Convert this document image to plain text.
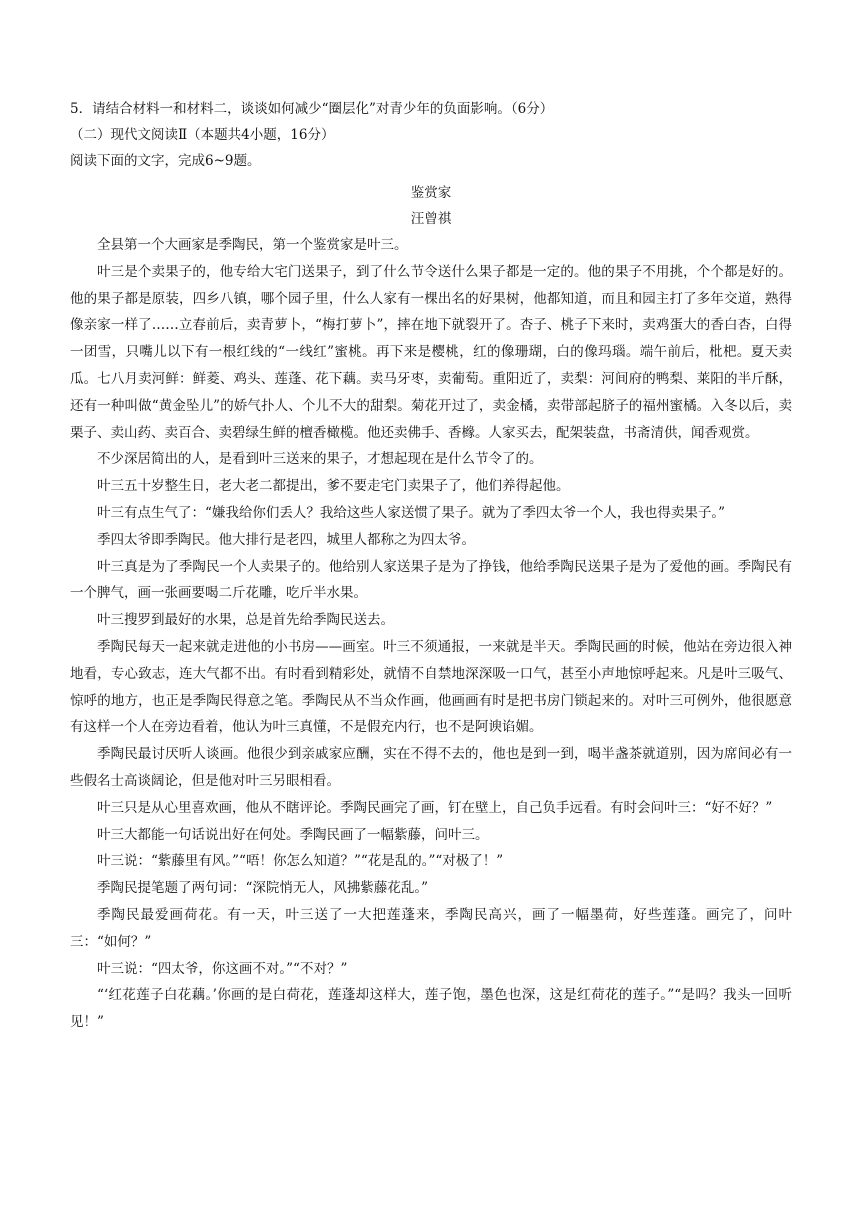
5．请结合材料一和材料二，谈谈如何减少“圈层化”对青少年的负面影响。（6分）

（二）现代文阅读Ⅱ（本题共4小题，16分）

阅读下面的文字，完成6~9题。

鉴赏家

汪曾祺

全县第一个大画家是季陶民，第一个鉴赏家是叶三。

叶三是个卖果子的，他专给大宅门送果子，到了什么节令送什么果子都是一定的。他的果子不用挑，个个都是好的。他的果子都是原装，四乡八镇，哪个园子里，什么人家有一棵出名的好果树，他都知道，而且和园主打了多年交道，熟得像亲家一样了……立春前后，卖青萝卜，“梅打萝卜”，摔在地下就裂开了。杏子、桃子下来时，卖鸡蛋大的香白杏，白得一团雪，只嘴儿以下有一根红线的“一线红”蜜桃。再下来是樱桃，红的像珊瑚，白的像玛瑙。端午前后，枇杷。夏天卖瓜。七八月卖河鲜：鲜菱、鸡头、莲蓬、花下藕。卖马牙枣，卖葡萄。重阳近了，卖梨：河间府的鸭梨、莱阳的半斤酥，还有一种叫做“黄金坠儿”的娇气扑人、个儿不大的甜梨。菊花开过了，卖金橘，卖带部起脐子的福州蜜橘。入冬以后，卖栗子、卖山药、卖百合、卖碧绿生鲜的檀香橄榄。他还卖佛手、香橼。人家买去，配架装盘，书斋清供，闻香观赏。

不少深居简出的人，是看到叶三送来的果子，才想起现在是什么节令了的。

叶三五十岁整生日，老大老二都提出，爹不要走宅门卖果子了，他们养得起他。

叶三有点生气了：“嫌我给你们丢人？我给这些人家送惯了果子。就为了季四太爷一个人，我也得卖果子。”

季四太爷即季陶民。他大排行是老四，城里人都称之为四太爷。

叶三真是为了季陶民一个人卖果子的。他给别人家送果子是为了挣钱，他给季陶民送果子是为了爱他的画。季陶民有一个脾气，画一张画要喝二斤花雕，吃斤半水果。

叶三搜罗到最好的水果，总是首先给季陶民送去。

季陶民每天一起来就走进他的小书房——画室。叶三不须通报，一来就是半天。季陶民画的时候，他站在旁边很入神地看，专心致志，连大气都不出。有时看到精彩处，就情不自禁地深深吸一口气，甚至小声地惊呼起来。凡是叶三吸气、惊呼的地方，也正是季陶民得意之笔。季陶民从不当众作画，他画画有时是把书房门锁起来的。对叶三可例外，他很愿意有这样一个人在旁边看着，他认为叶三真懂，不是假充内行，也不是阿谀谄媚。

季陶民最讨厌听人谈画。他很少到亲戚家应酬，实在不得不去的，他也是到一到，喝半盏茶就道别，因为席间必有一些假名士高谈阔论，但是他对叶三另眼相看。

叶三只是从心里喜欢画，他从不瞎评论。季陶民画完了画，钉在壁上，自己负手远看。有时会问叶三：“好不好？”

叶三大都能一句话说出好在何处。季陶民画了一幅紫藤，问叶三。

叶三说：“紫藤里有风。”“唔！你怎么知道？”“花是乱的。”“对极了！”

季陶民提笔题了两句词：“深院悄无人，风拂紫藤花乱。”

季陶民最爱画荷花。有一天，叶三送了一大把莲蓬来，季陶民高兴，画了一幅墨荷，好些莲蓬。画完了，问叶三：“如何？”

叶三说：“四太爷，你这画不对。”“不对？”

“‘红花莲子白花藕。’你画的是白荷花，莲蓬却这样大，莲子饱，墨色也深，这是红荷花的莲子。”“是吗？我头一回听见！”
